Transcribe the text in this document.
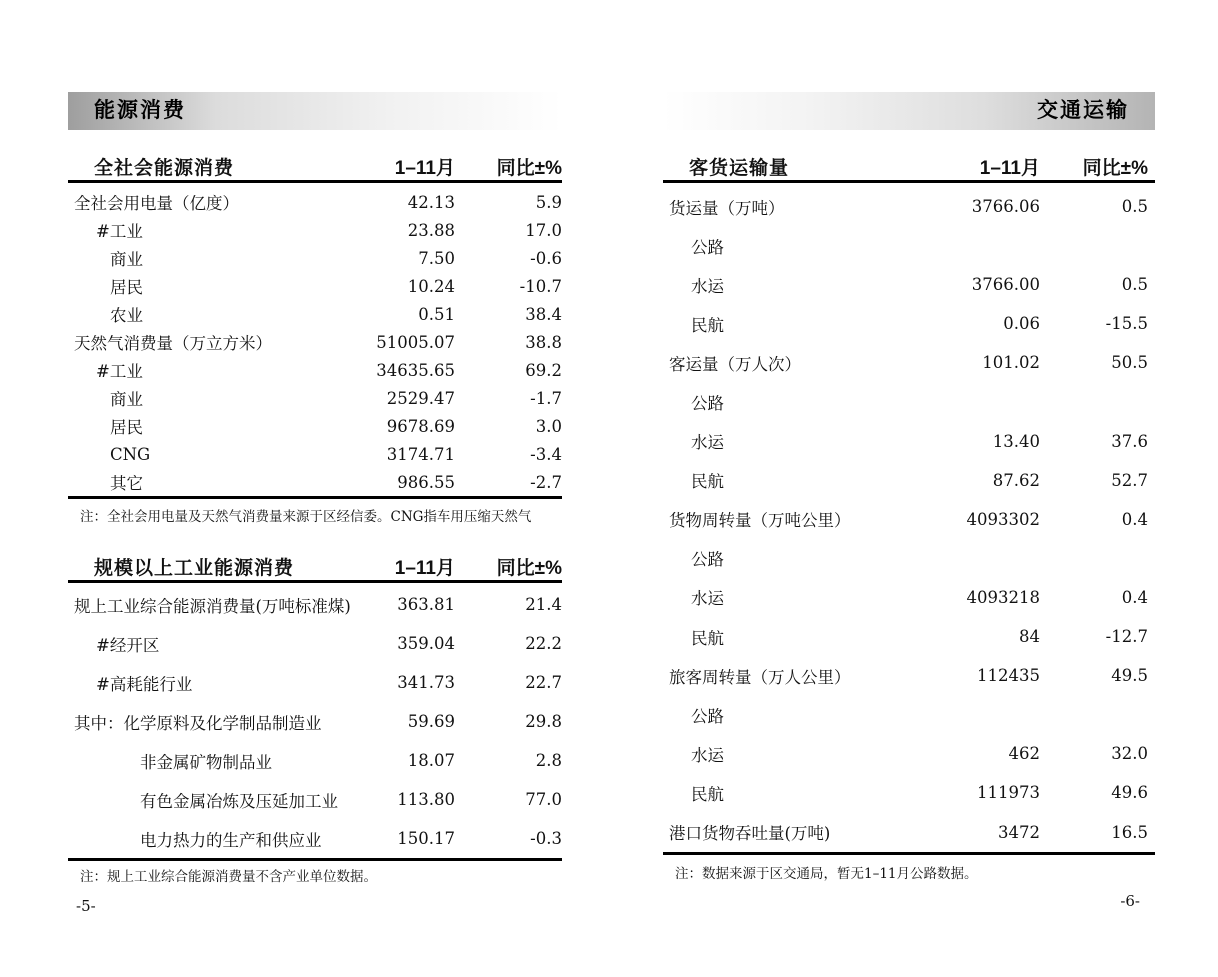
能源消费
全社会能源消费	1–11月	同比±%
全社会用电量（亿度）	42.13	5.9
#工业	23.88	17.0
商业	7.50	-0.6
居民	10.24	-10.7
农业	0.51	38.4
天然气消费量（万立方米）	51005.07	38.8
#工业	34635.65	69.2
商业	2529.47	-1.7
居民	9678.69	3.0
CNG	3174.71	-3.4
其它	986.55	-2.7
注：全社会用电量及天然气消费量来源于区经信委。CNG指车用压缩天然气
规模以上工业能源消费	1–11月	同比±%
规上工业综合能源消费量(万吨标准煤)	363.81	21.4
#经开区	359.04	22.2
#高耗能行业	341.73	22.7
其中：化学原料及化学制品制造业	59.69	29.8
非金属矿物制品业	18.07	2.8
有色金属冶炼及压延加工业	113.80	77.0
电力热力的生产和供应业	150.17	-0.3
注：规上工业综合能源消费量不含产业单位数据。
-5-
交通运输
客货运输量	1–11月	同比±%
货运量（万吨）	3766.06	0.5
公路
水运	3766.00	0.5
民航	0.06	-15.5
客运量（万人次）	101.02	50.5
公路
水运	13.40	37.6
民航	87.62	52.7
货物周转量（万吨公里）	4093302	0.4
公路
水运	4093218	0.4
民航	84	-12.7
旅客周转量（万人公里）	112435	49.5
公路
水运	462	32.0
民航	111973	49.6
港口货物吞吐量(万吨)	3472	16.5
注：数据来源于区交通局，暂无1–11月公路数据。
-6-
